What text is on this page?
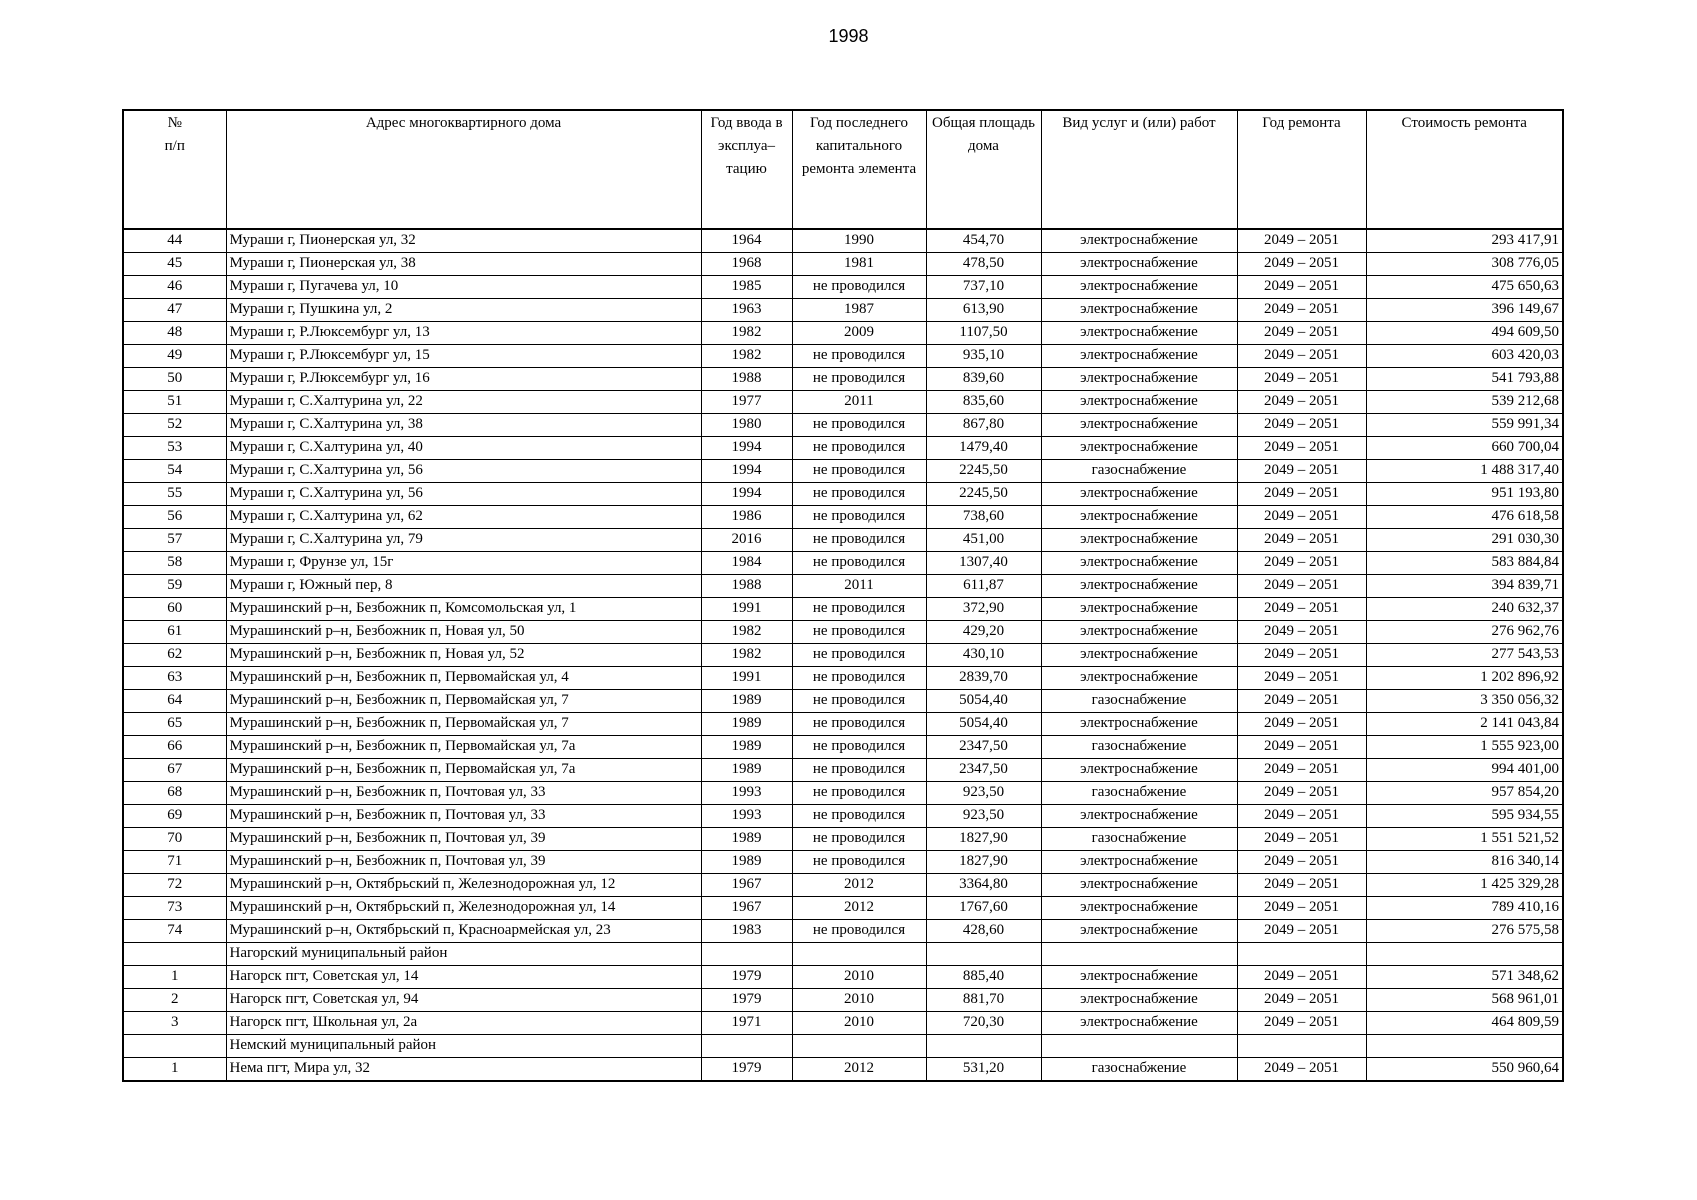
1998
№
п/п	Адрес многоквартирного дома	Год ввода в эксплуа–тацию	Год последнего капитального ремонта элемента	Общая площадь дома	Вид услуг и (или) работ	Год ремонта	Стоимость ремонта
44	Мураши г, Пионерская ул, 32	1964	1990	454,70	электроснабжение	2049 – 2051	293 417,91
45	Мураши г, Пионерская ул, 38	1968	1981	478,50	электроснабжение	2049 – 2051	308 776,05
46	Мураши г, Пугачева ул, 10	1985	не проводился	737,10	электроснабжение	2049 – 2051	475 650,63
47	Мураши г, Пушкина ул, 2	1963	1987	613,90	электроснабжение	2049 – 2051	396 149,67
48	Мураши г, Р.Люксембург ул, 13	1982	2009	1107,50	электроснабжение	2049 – 2051	494 609,50
49	Мураши г, Р.Люксембург ул, 15	1982	не проводился	935,10	электроснабжение	2049 – 2051	603 420,03
50	Мураши г, Р.Люксембург ул, 16	1988	не проводился	839,60	электроснабжение	2049 – 2051	541 793,88
51	Мураши г, С.Халтурина ул, 22	1977	2011	835,60	электроснабжение	2049 – 2051	539 212,68
52	Мураши г, С.Халтурина ул, 38	1980	не проводился	867,80	электроснабжение	2049 – 2051	559 991,34
53	Мураши г, С.Халтурина ул, 40	1994	не проводился	1479,40	электроснабжение	2049 – 2051	660 700,04
54	Мураши г, С.Халтурина ул, 56	1994	не проводился	2245,50	газоснабжение	2049 – 2051	1 488 317,40
55	Мураши г, С.Халтурина ул, 56	1994	не проводился	2245,50	электроснабжение	2049 – 2051	951 193,80
56	Мураши г, С.Халтурина ул, 62	1986	не проводился	738,60	электроснабжение	2049 – 2051	476 618,58
57	Мураши г, С.Халтурина ул, 79	2016	не проводился	451,00	электроснабжение	2049 – 2051	291 030,30
58	Мураши г, Фрунзе ул, 15г	1984	не проводился	1307,40	электроснабжение	2049 – 2051	583 884,84
59	Мураши г, Южный пер, 8	1988	2011	611,87	электроснабжение	2049 – 2051	394 839,71
60	Мурашинский р–н, Безбожник п, Комсомольская ул, 1	1991	не проводился	372,90	электроснабжение	2049 – 2051	240 632,37
61	Мурашинский р–н, Безбожник п, Новая ул, 50	1982	не проводился	429,20	электроснабжение	2049 – 2051	276 962,76
62	Мурашинский р–н, Безбожник п, Новая ул, 52	1982	не проводился	430,10	электроснабжение	2049 – 2051	277 543,53
63	Мурашинский р–н, Безбожник п, Первомайская ул, 4	1991	не проводился	2839,70	электроснабжение	2049 – 2051	1 202 896,92
64	Мурашинский р–н, Безбожник п, Первомайская ул, 7	1989	не проводился	5054,40	газоснабжение	2049 – 2051	3 350 056,32
65	Мурашинский р–н, Безбожник п, Первомайская ул, 7	1989	не проводился	5054,40	электроснабжение	2049 – 2051	2 141 043,84
66	Мурашинский р–н, Безбожник п, Первомайская ул, 7а	1989	не проводился	2347,50	газоснабжение	2049 – 2051	1 555 923,00
67	Мурашинский р–н, Безбожник п, Первомайская ул, 7а	1989	не проводился	2347,50	электроснабжение	2049 – 2051	994 401,00
68	Мурашинский р–н, Безбожник п, Почтовая ул, 33	1993	не проводился	923,50	газоснабжение	2049 – 2051	957 854,20
69	Мурашинский р–н, Безбожник п, Почтовая ул, 33	1993	не проводился	923,50	электроснабжение	2049 – 2051	595 934,55
70	Мурашинский р–н, Безбожник п, Почтовая ул, 39	1989	не проводился	1827,90	газоснабжение	2049 – 2051	1 551 521,52
71	Мурашинский р–н, Безбожник п, Почтовая ул, 39	1989	не проводился	1827,90	электроснабжение	2049 – 2051	816 340,14
72	Мурашинский р–н, Октябрьский п, Железнодорожная ул, 12	1967	2012	3364,80	электроснабжение	2049 – 2051	1 425 329,28
73	Мурашинский р–н, Октябрьский п, Железнодорожная ул, 14	1967	2012	1767,60	электроснабжение	2049 – 2051	789 410,16
74	Мурашинский р–н, Октябрьский п, Красноармейская ул, 23	1983	не проводился	428,60	электроснабжение	2049 – 2051	276 575,58
	Нагорский муниципальный район						
1	Нагорск пгт, Советская ул, 14	1979	2010	885,40	электроснабжение	2049 – 2051	571 348,62
2	Нагорск пгт, Советская ул, 94	1979	2010	881,70	электроснабжение	2049 – 2051	568 961,01
3	Нагорск пгт, Школьная ул, 2а	1971	2010	720,30	электроснабжение	2049 – 2051	464 809,59
	Немский муниципальный район						
1	Нема пгт, Мира ул, 32	1979	2012	531,20	газоснабжение	2049 – 2051	550 960,64
